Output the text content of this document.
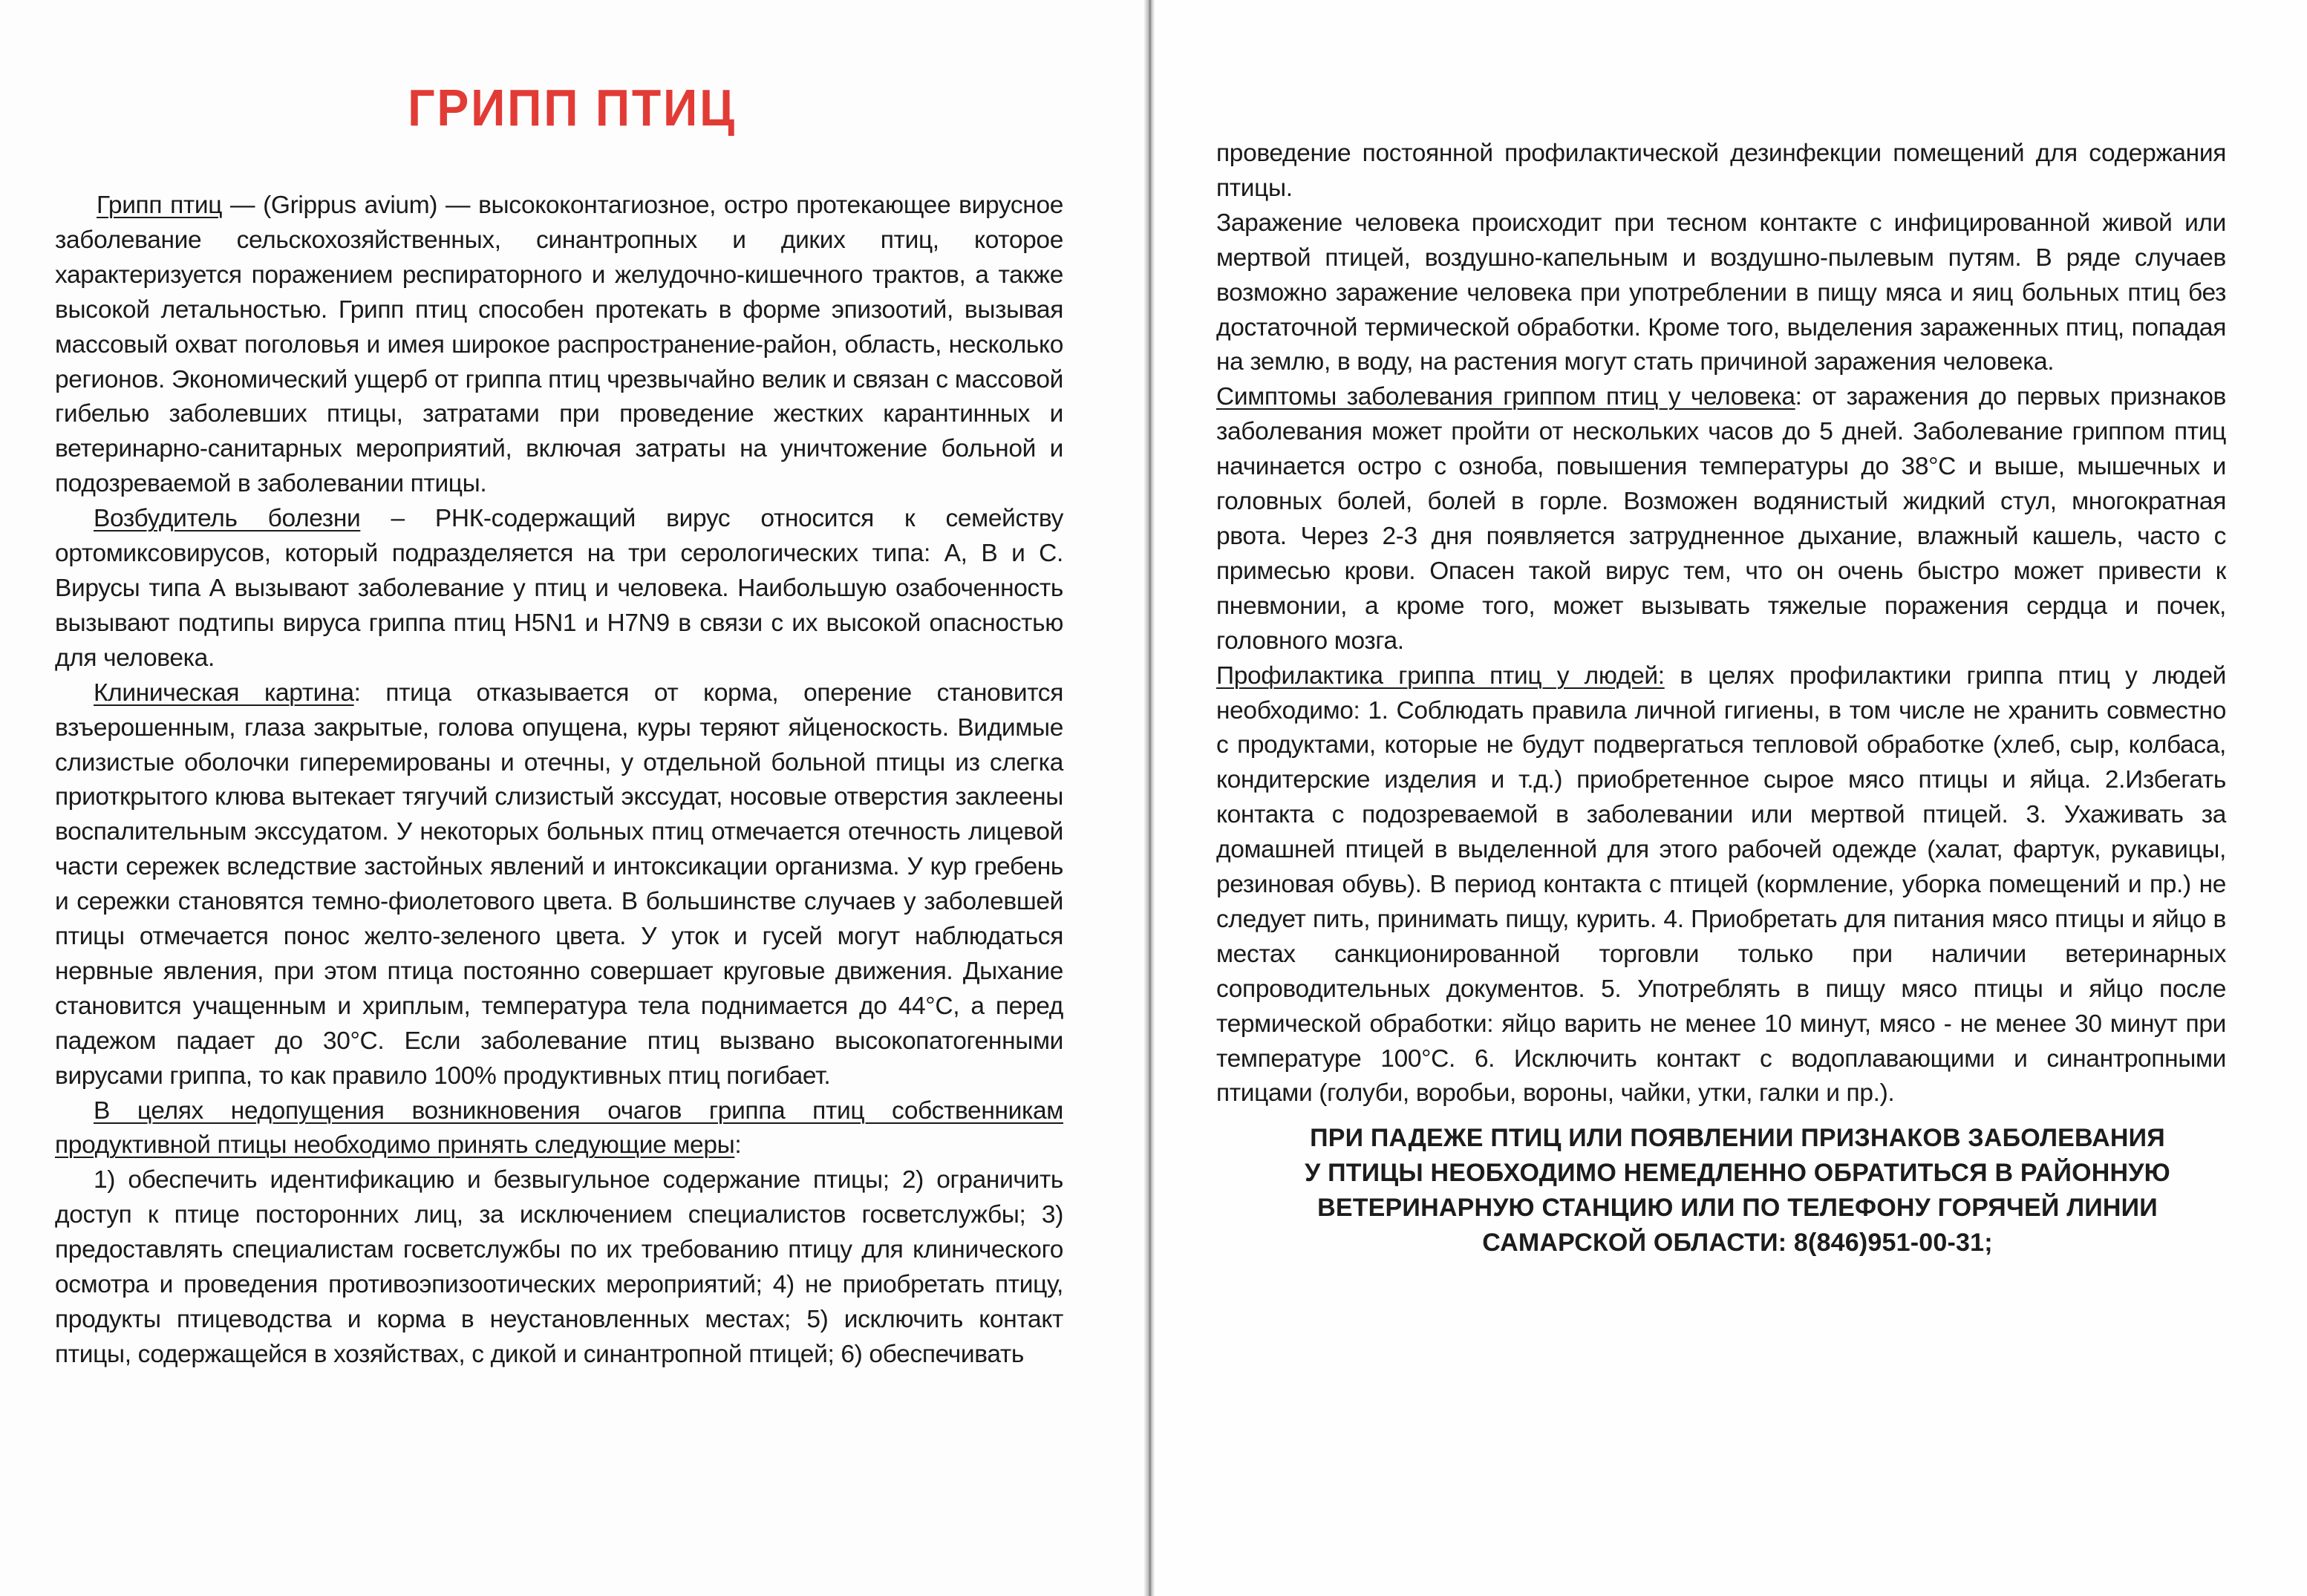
ГРИПП ПТИЦ

Грипп птиц — (Grippus avium) — высококонтагиозное, остро протекающее вирусное заболевание сельскохозяйственных, синантропных и диких птиц, которое характеризуется поражением респираторного и желудочно-кишечного трактов, а также высокой летальностью. Грипп птиц способен протекать в форме эпизоотий, вызывая массовый охват поголовья и имея широкое распространение-район, область, несколько регионов. Экономический ущерб от гриппа птиц чрезвычайно велик и связан с массовой гибелью заболевших птицы, затратами при проведение жестких карантинных и ветеринарно-санитарных мероприятий, включая затраты на уничтожение больной и подозреваемой в заболевании птицы.

Возбудитель болезни – РНК-содержащий вирус относится к семейству ортомиксовирусов, который подразделяется на три серологических типа: А, В и С. Вирусы типа А вызывают заболевание у птиц и человека. Наибольшую озабоченность вызывают подтипы вируса гриппа птиц H5N1 и H7N9 в связи с их высокой опасностью для человека.

Клиническая картина: птица отказывается от корма, оперение становится взъерошенным, глаза закрытые, голова опущена, куры теряют яйценоскость. Видимые слизистые оболочки гиперемированы и отечны, у отдельной больной птицы из слегка приоткрытого клюва вытекает тягучий слизистый экссудат, носовые отверстия заклеены воспалительным экссудатом. У некоторых больных птиц отмечается отечность лицевой части сережек вследствие застойных явлений и интоксикации организма. У кур гребень и сережки становятся темно-фиолетового цвета. В большинстве случаев у заболевшей птицы отмечается понос желто-зеленого цвета. У уток и гусей могут наблюдаться нервные явления, при этом птица постоянно совершает круговые движения. Дыхание становится учащенным и хриплым, температура тела поднимается до 44°С, а перед падежом падает до 30°С. Если заболевание птиц вызвано высокопатогенными вирусами гриппа, то как правило 100% продуктивных птиц погибает.

В целях недопущения возникновения очагов гриппа птиц собственникам продуктивной птицы необходимо принять следующие меры:

1) обеспечить идентификацию и безвыгульное содержание птицы; 2) ограничить доступ к птице посторонних лиц, за исключением специалистов госветслужбы; 3) предоставлять специалистам госветслужбы по их требованию птицу для клинического осмотра и проведения противоэпизоотических мероприятий; 4) не приобретать птицу, продукты птицеводства и корма в неустановленных местах; 5) исключить контакт птицы, содержащейся в хозяйствах, с дикой и синантропной птицей; 6) обеспечивать

проведение постоянной профилактической дезинфекции помещений для содержания птицы.

Заражение человека происходит при тесном контакте с инфицированной живой или мертвой птицей, воздушно-капельным и воздушно-пылевым путям. В ряде случаев возможно заражение человека при употреблении в пищу мяса и яиц больных птиц без достаточной термической обработки. Кроме того, выделения зараженных птиц, попадая на землю, в воду, на растения могут стать причиной заражения человека.

Симптомы заболевания гриппом птиц у человека: от заражения до первых признаков заболевания может пройти от нескольких часов до 5 дней. Заболевание гриппом птиц начинается остро с озноба, повышения температуры до 38°С и выше, мышечных и головных болей, болей в горле. Возможен водянистый жидкий стул, многократная рвота. Через 2-3 дня появляется затрудненное дыхание, влажный кашель, часто с примесью крови. Опасен такой вирус тем, что он очень быстро может привести к пневмонии, а кроме того, может вызывать тяжелые поражения сердца и почек, головного мозга.

Профилактика гриппа птиц у людей: в целях профилактики гриппа птиц у людей необходимо: 1. Соблюдать правила личной гигиены, в том числе не хранить совместно с продуктами, которые не будут подвергаться тепловой обработке (хлеб, сыр, колбаса, кондитерские изделия и т.д.) приобретенное сырое мясо птицы и яйца. 2.Избегать контакта с подозреваемой в заболевании или мертвой птицей. 3. Ухаживать за домашней птицей в выделенной для этого рабочей одежде (халат, фартук, рукавицы, резиновая обувь). В период контакта с птицей (кормление, уборка помещений и пр.) не следует пить, принимать пищу, курить. 4. Приобретать для питания мясо птицы и яйцо в местах санкционированной торговли только при наличии ветеринарных сопроводительных документов. 5. Употреблять в пищу мясо птицы и яйцо после термической обработки: яйцо варить не менее 10 минут, мясо - не менее 30 минут при температуре 100°С. 6. Исключить контакт с водоплавающими и синантропными птицами (голуби, воробьи, вороны, чайки, утки, галки и пр.).

ПРИ ПАДЕЖЕ ПТИЦ ИЛИ ПОЯВЛЕНИИ ПРИЗНАКОВ ЗАБОЛЕВАНИЯ
У ПТИЦЫ НЕОБХОДИМО НЕМЕДЛЕННО ОБРАТИТЬСЯ В РАЙОННУЮ
ВЕТЕРИНАРНУЮ СТАНЦИЮ ИЛИ ПО ТЕЛЕФОНУ ГОРЯЧЕЙ ЛИНИИ
САМАРСКОЙ ОБЛАСТИ: 8(846)951-00-31;
